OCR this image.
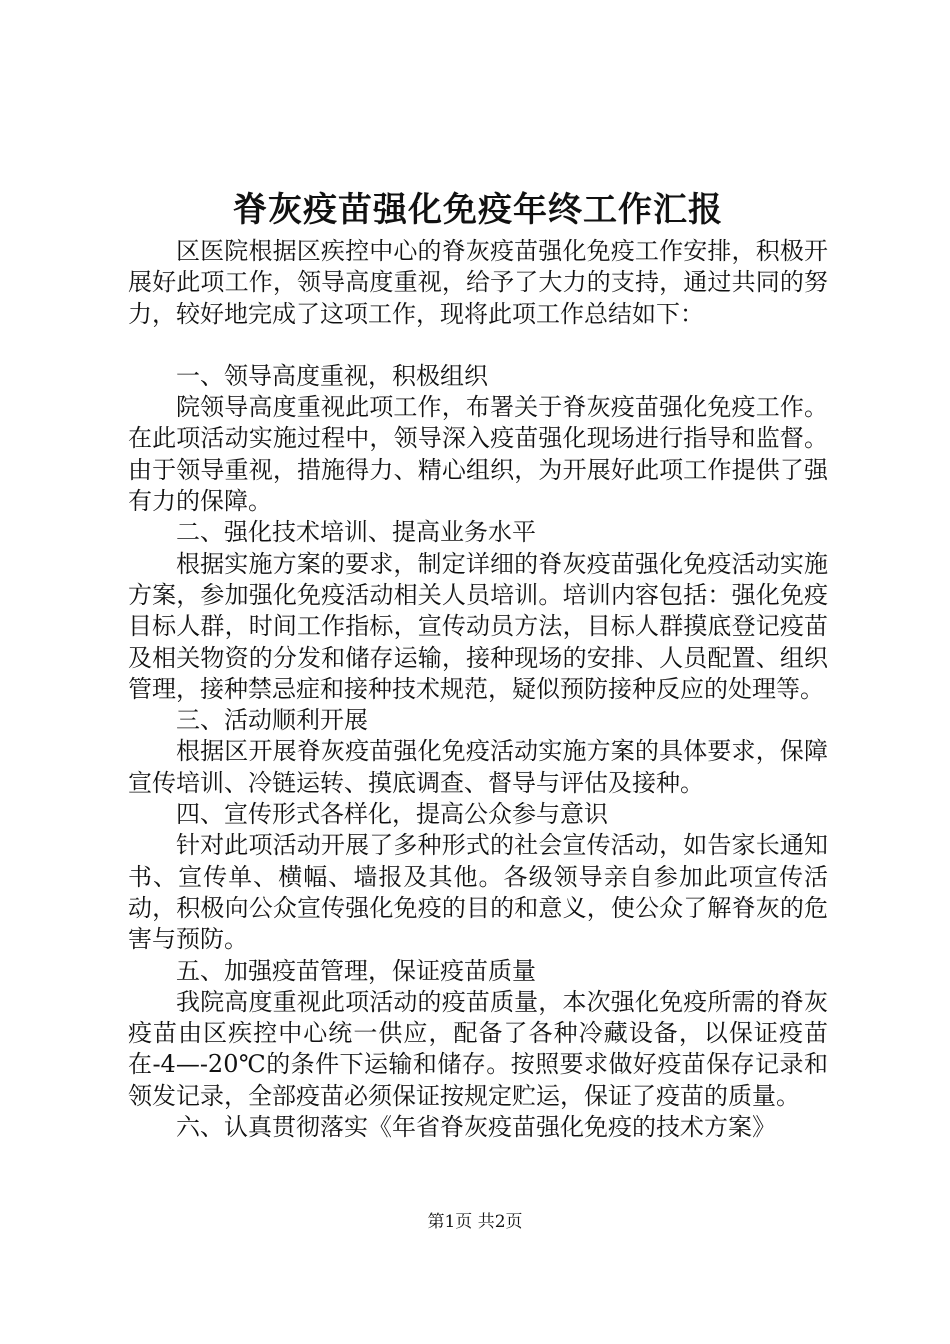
脊灰疫苗强化免疫年终工作汇报

区医院根据区疾控中心的脊灰疫苗强化免疫工作安排，积极开展好此项工作，领导高度重视，给予了大力的支持，通过共同的努力，较好地完成了这项工作，现将此项工作总结如下：

一、领导高度重视，积极组织

院领导高度重视此项工作，布署关于脊灰疫苗强化免疫工作。在此项活动实施过程中，领导深入疫苗强化现场进行指导和监督。由于领导重视，措施得力、精心组织，为开展好此项工作提供了强有力的保障。

二、强化技术培训、提高业务水平

根据实施方案的要求，制定详细的脊灰疫苗强化免疫活动实施方案，参加强化免疫活动相关人员培训。培训内容包括：强化免疫目标人群，时间工作指标，宣传动员方法，目标人群摸底登记疫苗及相关物资的分发和储存运输，接种现场的安排、人员配置、组织管理，接种禁忌症和接种技术规范，疑似预防接种反应的处理等。

三、活动顺利开展

根据区开展脊灰疫苗强化免疫活动实施方案的具体要求，保障宣传培训、冷链运转、摸底调查、督导与评估及接种。

四、宣传形式各样化，提高公众参与意识

针对此项活动开展了多种形式的社会宣传活动，如告家长通知书、宣传单、横幅、墙报及其他。各级领导亲自参加此项宣传活动，积极向公众宣传强化免疫的目的和意义，使公众了解脊灰的危害与预防。

五、加强疫苗管理，保证疫苗质量

我院高度重视此项活动的疫苗质量，本次强化免疫所需的脊灰疫苗由区疾控中心统一供应，配备了各种冷藏设备，以保证疫苗在-4—-20℃的条件下运输和储存。按照要求做好疫苗保存记录和领发记录，全部疫苗必须保证按规定贮运，保证了疫苗的质量。

六、认真贯彻落实《年省脊灰疫苗强化免疫的技术方案》

第1页 共2页
